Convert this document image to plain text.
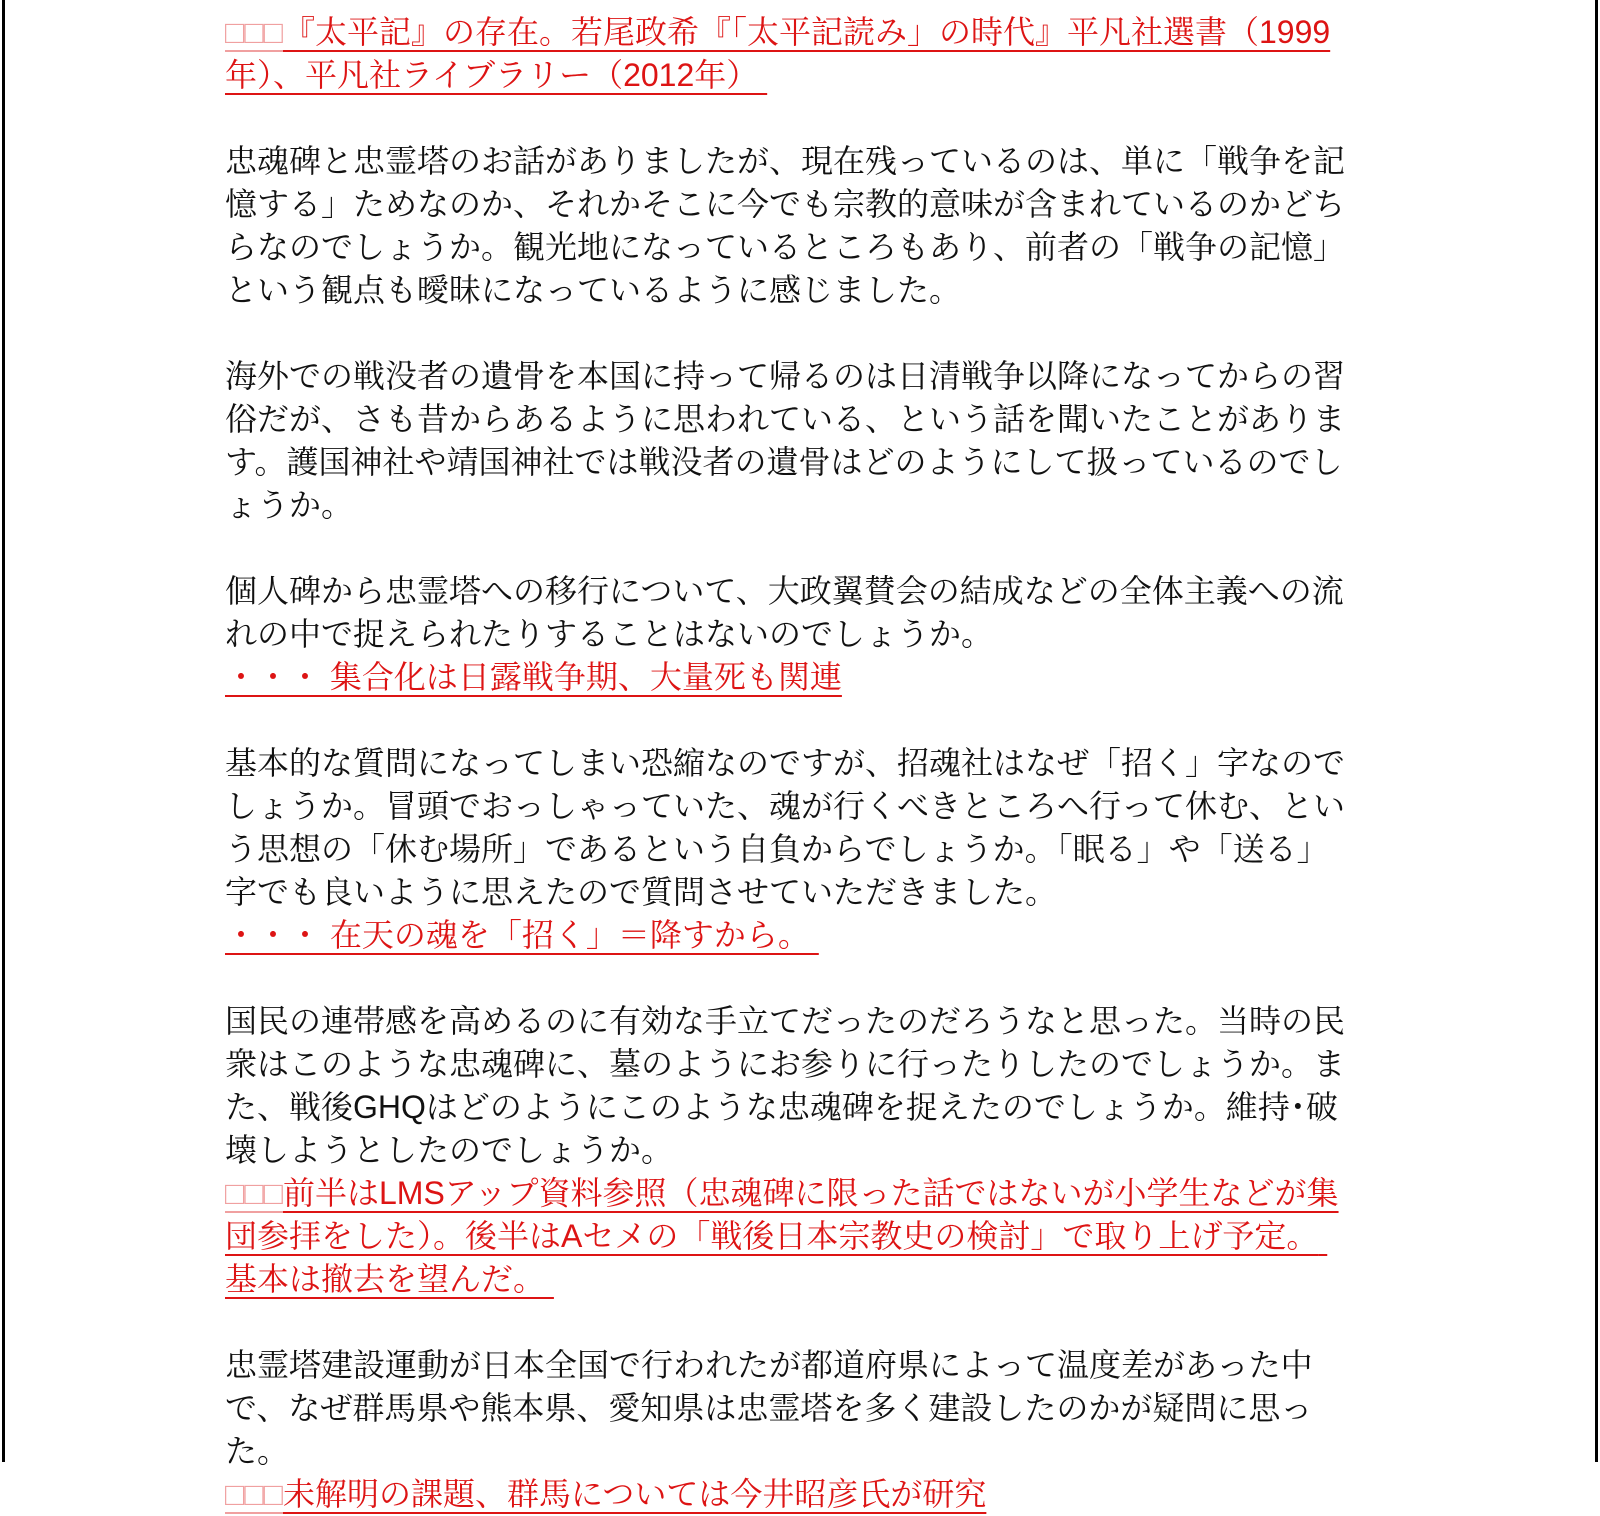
□□□『太平記』の存在。若尾政希『「太平記読み」の時代』平凡社選書（1999年）、平凡社ライブラリー（2012年）

忠魂碑と忠霊塔のお話がありましたが、現在残っているのは、単に「戦争を記憶する」ためなのか、それかそこに今でも宗教的意味が含まれているのかどちらなのでしょうか。観光地になっているところもあり、前者の「戦争の記憶」という観点も曖昧になっているように感じました。

海外での戦没者の遺骨を本国に持って帰るのは日清戦争以降になってからの習俗だが、さも昔からあるように思われている、という話を聞いたことがあります。護国神社や靖国神社では戦没者の遺骨はどのようにして扱っているのでしょうか。

個人碑から忠霊塔への移行について、大政翼賛会の結成などの全体主義への流れの中で捉えられたりすることはないのでしょうか。

・・・ 集合化は日露戦争期、大量死も関連

基本的な質問になってしまい恐縮なのですが、招魂社はなぜ「招く」字なのでしょうか。冒頭でおっしゃっていた、魂が行くべきところへ行って休む、という思想の「休む場所」であるという自負からでしょうか。「眠る」や「送る」字でも良いように思えたので質問させていただきました。

・・・ 在天の魂を「招く」＝降すから。

国民の連帯感を高めるのに有効な手立てだったのだろうなと思った。当時の民衆はこのような忠魂碑に、墓のようにお参りに行ったりしたのでしょうか。また、戦後GHQはどのようにこのような忠魂碑を捉えたのでしょうか。維持･破壊しようとしたのでしょうか。

□□□前半はLMSアップ資料参照（忠魂碑に限った話ではないが小学生などが集団参拝をした）。後半はAセメの「戦後日本宗教史の検討」で取り上げ予定。 基本は撤去を望んだ。

忠霊塔建設運動が日本全国で行われたが都道府県によって温度差があった中で、なぜ群馬県や熊本県、愛知県は忠霊塔を多く建設したのかが疑問に思った。

□□□未解明の課題、群馬については今井昭彦氏が研究
